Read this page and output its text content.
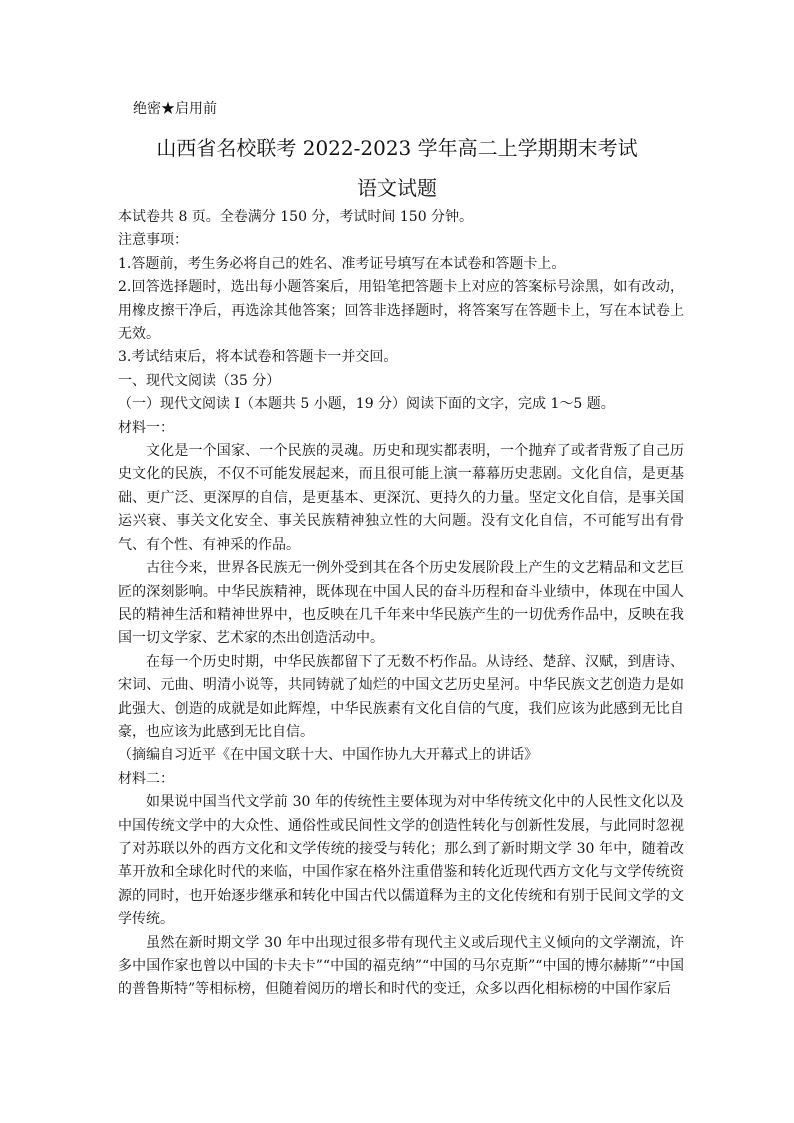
绝密★启用前
山西省名校联考 2022-2023 学年高二上学期期末考试
语文试题

本试卷共 8 页。全卷满分 150 分，考试时间 150 分钟。

注意事项：

1.答题前，考生务必将自己的姓名、准考证号填写在本试卷和答题卡上。

2.回答选择题时，选出每小题答案后，用铅笔把答题卡上对应的答案标号涂黑，如有改动，用橡皮擦干净后，再选涂其他答案；回答非选择题时，将答案写在答题卡上，写在本试卷上无效。

3.考试结束后，将本试卷和答题卡一并交回。

一、现代文阅读（35 分）

（一）现代文阅读 I（本题共 5 小题，19 分）阅读下面的文字，完成 1～5 题。

材料一：

文化是一个国家、一个民族的灵魂。历史和现实都表明，一个抛弃了或者背叛了自己历史文化的民族，不仅不可能发展起来，而且很可能上演一幕幕历史悲剧。文化自信，是更基础、更广泛、更深厚的自信，是更基本、更深沉、更持久的力量。坚定文化自信，是事关国运兴衰、事关文化安全、事关民族精神独立性的大问题。没有文化自信，不可能写出有骨气、有个性、有神采的作品。

古往今来，世界各民族无一例外受到其在各个历史发展阶段上产生的文艺精品和文艺巨匠的深刻影响。中华民族精神，既体现在中国人民的奋斗历程和奋斗业绩中，体现在中国人民的精神生活和精神世界中，也反映在几千年来中华民族产生的一切优秀作品中，反映在我国一切文学家、艺术家的杰出创造活动中。

在每一个历史时期，中华民族都留下了无数不朽作品。从诗经、楚辞、汉赋，到唐诗、宋词、元曲、明清小说等，共同铸就了灿烂的中国文艺历史星河。中华民族文艺创造力是如此强大、创造的成就是如此辉煌，中华民族素有文化自信的气度，我们应该为此感到无比自豪，也应该为此感到无比自信。

（摘编自习近平《在中国文联十大、中国作协九大开幕式上的讲话》

材料二：

如果说中国当代文学前 30 年的传统性主要体现为对中华传统文化中的人民性文化以及中国传统文学中的大众性、通俗性或民间性文学的创造性转化与创新性发展，与此同时忽视了对苏联以外的西方文化和文学传统的接受与转化；那么到了新时期文学 30 年中，随着改革开放和全球化时代的来临，中国作家在格外注重借鉴和转化近现代西方文化与文学传统资源的同时，也开始逐步继承和转化中国古代以儒道释为主的文化传统和有别于民间文学的文学传统。

虽然在新时期文学 30 年中出现过很多带有现代主义或后现代主义倾向的文学潮流，许多中国作家也曾以中国的卡夫卡”“中国的福克纳”“中国的马尔克斯”“中国的博尔赫斯”“中国的普鲁斯特”等相标榜，但随着阅历的增长和时代的变迁，众多以西化相标榜的中国作家后
